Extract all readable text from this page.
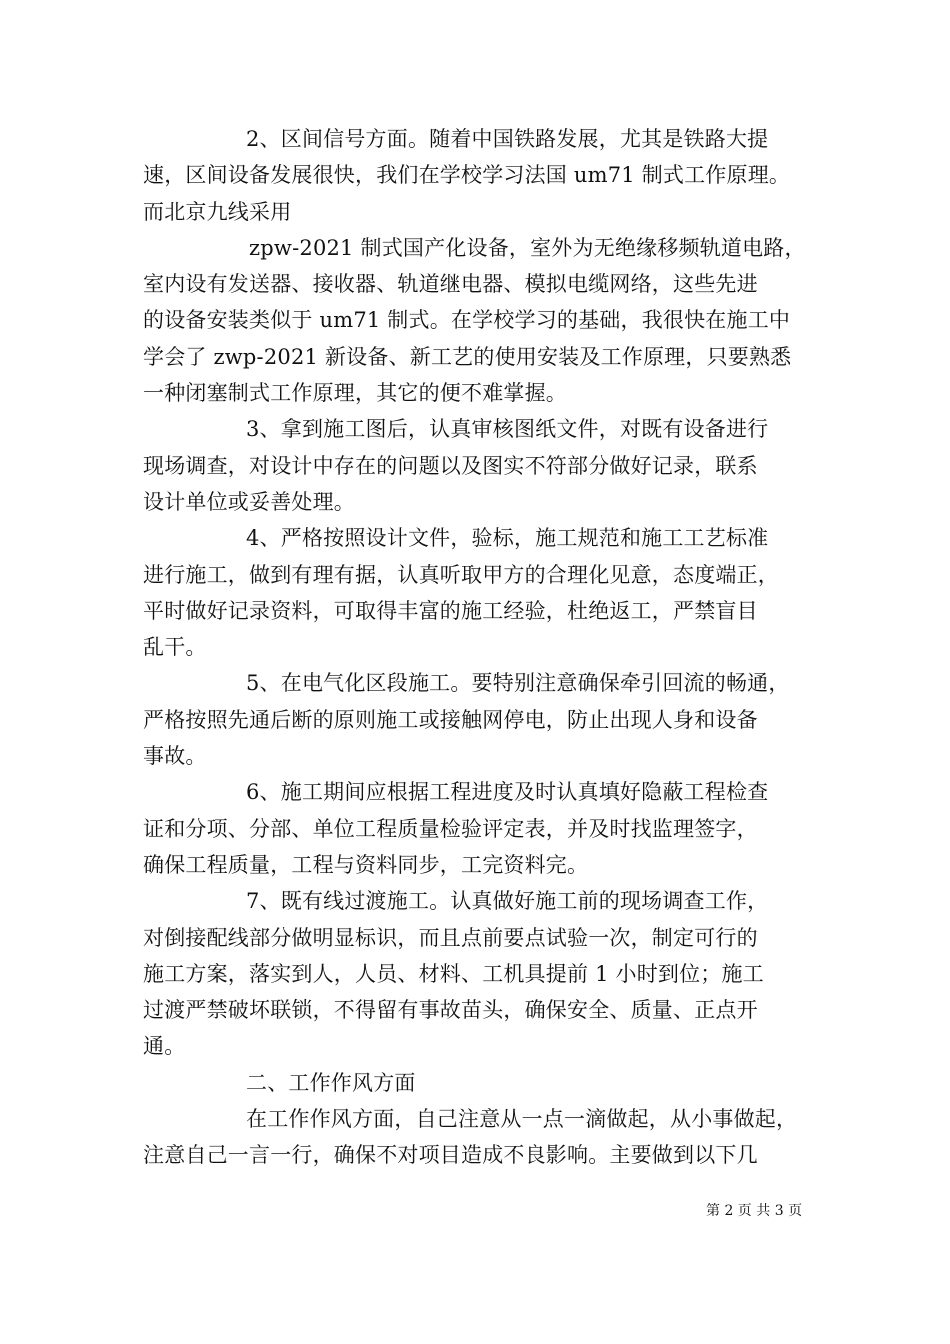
2、区间信号方面。随着中国铁路发展，尤其是铁路大提
速，区间设备发展很快，我们在学校学习法国 um71 制式工作原理。
而北京九线采用
zpw-2021 制式国产化设备，室外为无绝缘移频轨道电路，
室内设有发送器、接收器、轨道继电器、模拟电缆网络，这些先进
的设备安装类似于 um71 制式。在学校学习的基础，我很快在施工中
学会了 zwp-2021 新设备、新工艺的使用安装及工作原理，只要熟悉
一种闭塞制式工作原理，其它的便不难掌握。
3、拿到施工图后，认真审核图纸文件，对既有设备进行
现场调查，对设计中存在的问题以及图实不符部分做好记录，联系
设计单位或妥善处理。
4、严格按照设计文件，验标，施工规范和施工工艺标准
进行施工，做到有理有据，认真听取甲方的合理化见意，态度端正，
平时做好记录资料，可取得丰富的施工经验，杜绝返工，严禁盲目
乱干。
5、在电气化区段施工。要特别注意确保牵引回流的畅通，
严格按照先通后断的原则施工或接触网停电，防止出现人身和设备
事故。
6、施工期间应根据工程进度及时认真填好隐蔽工程检查
证和分项、分部、单位工程质量检验评定表，并及时找监理签字，
确保工程质量，工程与资料同步，工完资料完。
7、既有线过渡施工。认真做好施工前的现场调查工作，
对倒接配线部分做明显标识，而且点前要点试验一次，制定可行的
施工方案，落实到人，人员、材料、工机具提前 1 小时到位；施工
过渡严禁破坏联锁，不得留有事故苗头，确保安全、质量、正点开
通。
二、工作作风方面
在工作作风方面，自己注意从一点一滴做起，从小事做起，
注意自己一言一行，确保不对项目造成不良影响。主要做到以下几
第 2 页 共 3 页
